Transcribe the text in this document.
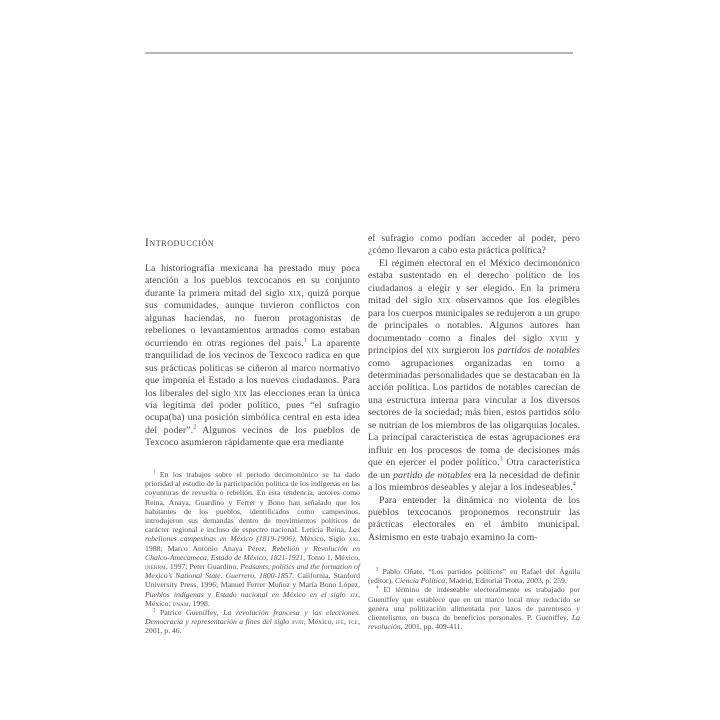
Introducción

La historiografía mexicana ha prestado muy poca atención a los pueblos texcocanos en su conjunto durante la primera mitad del siglo xix, quizá porque sus comunidades, aunque tuvieron conflictos con algunas haciendas, no fueron protagonistas de rebeliones o levantamientos armados como estaban ocurriendo en otras regiones del país.$^1$ La aparente tranquilidad de los vecinos de Texcoco radica en que sus prácticas políticas se ciñeron al marco normativo que imponía el Estado a los nuevos ciudadanos. Para los liberales del siglo xix las elecciones eran la única vía legítima del poder político, pues “el sufragio ocupa(ba) una posición simbólica central en esta idea del poder”.$^2$ Algunos vecinos de los pueblos de Texcoco asumieron rápidamente que era mediante

$^1$ En los trabajos sobre el periodo decimonónico se ha dado prioridad al estudio de la participación política de los indígenas en las coyunturas de revuelta o rebelión. En esta tendencia, autores como Reina, Anaya, Guardino y Ferrer y Bono han señalado que los habitantes de los pueblos, identificados como campesinos, introdujeron sus demandas dentro de movimientos políticos de carácter regional e incluso de espectro nacional. Leticia Reina, Las rebeliones campesinas en México (1819-1906), México, Siglo xxi, 1988; Marco Antonio Anaya Pérez, Rebelión y Revolución en Chalco-Amecameca, Estado de México, 1821-1921, Tomo 1, México, inehrm, 1997; Peter Guardino, Peasants, politics and the formation of Mexico’s National State. Guerrero, 1800-1857. California, Stanford University Press, 1996; Manuel Ferrer Muñoz y María Bono López, Pueblos indígenas y Estado nacional en México en el siglo xix, México: unam, 1998.

$^2$ Patrice Gueniffey, La revolución francesa y las elecciones. Democracia y representación a fines del siglo xviii, México, ife, fce, 2001, p. 46.

el sufragio como podían acceder al poder, pero ¿cómo llevaron a cabo esta práctica política?

El régimen electoral en el México decimonónico estaba sustentado en el derecho político de los ciudadanos a elegir y ser elegido. En la primera mitad del siglo xix observamos que los elegibles para los cuerpos municipales se redujeron a un grupo de principales o notables. Algunos autores han documentado como a finales del siglo xviii y principios del xix surgieron los partidos de notables como agrupaciones organizadas en torno a determinadas personalidades que se destacaban en la acción política. Los partidos de notables carecían de una estructura interna para vincular a los diversos sectores de la sociedad; más bien, estos partidos sólo se nutrían de los miembros de las oligarquías locales. La principal característica de estas agrupaciones era influir en los procesos de toma de decisiones más que en ejercer el poder político.$^3$ Otra característica de un partido de notables era la necesidad de definir a los miembros deseables y alejar a los indeseables.$^4$

Para entender la dinámica no violenta de los pueblos texcocanos proponemos reconstruir las prácticas electorales en el ámbito municipal. Asimismo en este trabajo examino la com-

$^3$ Pablo Oñate, “Los partidos políticos” en Rafael del Águila (editor), Ciencia Política, Madrid, Editorial Trotta, 2003, p. 259.

$^4$ El término de indeseable electoralmente es trabajado por Gueniffey que establece que en un marco local muy reducido se genera una politización alimentada por lazos de parentesco y clientelismo, en busca de beneficios personales. P. Gueniffey, La revolución, 2001, pp. 409-411.
